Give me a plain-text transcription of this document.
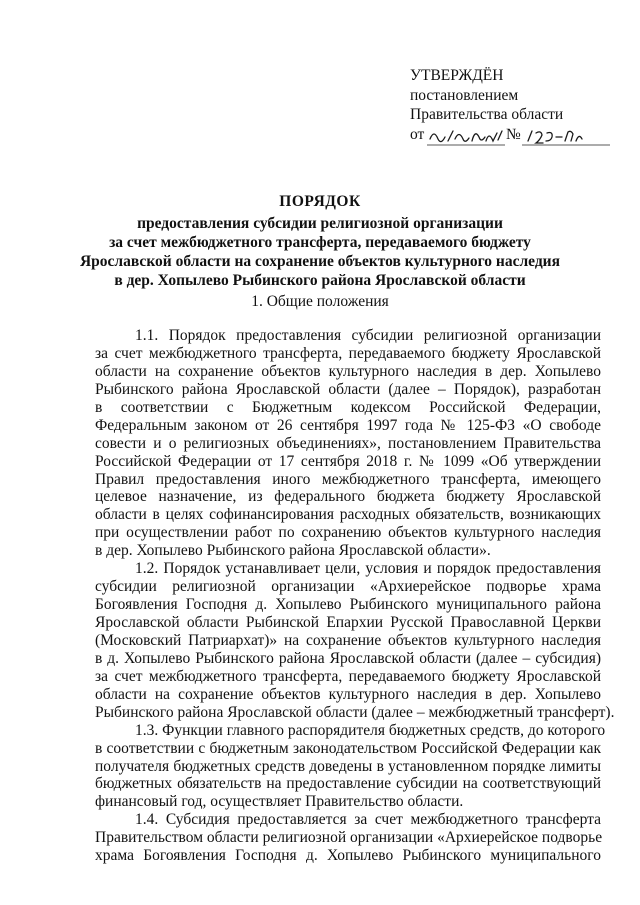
УТВЕРЖДЁН
постановлением
Правительства области
от	№
ПОРЯДОК
предоставления субсидии религиозной организации
за счет межбюджетного трансферта, передаваемого бюджету
Ярославской области на сохранение объектов культурного наследия
в дер. Хопылево Рыбинского района Ярославской области
1. Общие положения
1.1. Порядок предоставления субсидии религиозной организации
за счет межбюджетного трансферта, передаваемого бюджету Ярославской
области на сохранение объектов культурного наследия в дер. Хопылево
Рыбинского района Ярославской области (далее – Порядок), разработан
в соответствии с Бюджетным кодексом Российской Федерации,
Федеральным законом от 26 сентября 1997 года № 125-ФЗ «О свободе
совести и о религиозных объединениях», постановлением Правительства
Российской Федерации от 17 сентября 2018 г. № 1099 «Об утверждении
Правил предоставления иного межбюджетного трансферта, имеющего
целевое назначение, из федерального бюджета бюджету Ярославской
области в целях софинансирования расходных обязательств, возникающих
при осуществлении работ по сохранению объектов культурного наследия
в дер. Хопылево Рыбинского района Ярославской области».
1.2. Порядок устанавливает цели, условия и порядок предоставления
субсидии религиозной организации «Архиерейское подворье храма
Богоявления Господня д. Хопылево Рыбинского муниципального района
Ярославской области Рыбинской Епархии Русской Православной Церкви
(Московский Патриархат)» на сохранение объектов культурного наследия
в д. Хопылево Рыбинского района Ярославской области (далее – субсидия)
за счет межбюджетного трансферта, передаваемого бюджету Ярославской
области на сохранение объектов культурного наследия в дер. Хопылево
Рыбинского района Ярославской области (далее – межбюджетный трансферт).
1.3. Функции главного распорядителя бюджетных средств, до которого
в соответствии с бюджетным законодательством Российской Федерации как
получателя бюджетных средств доведены в установленном порядке лимиты
бюджетных обязательств на предоставление субсидии на соответствующий
финансовый год, осуществляет Правительство области.
1.4. Субсидия предоставляется за счет межбюджетного трансферта
Правительством области религиозной организации «Архиерейское подворье
храма Богоявления Господня д. Хопылево Рыбинского муниципального
